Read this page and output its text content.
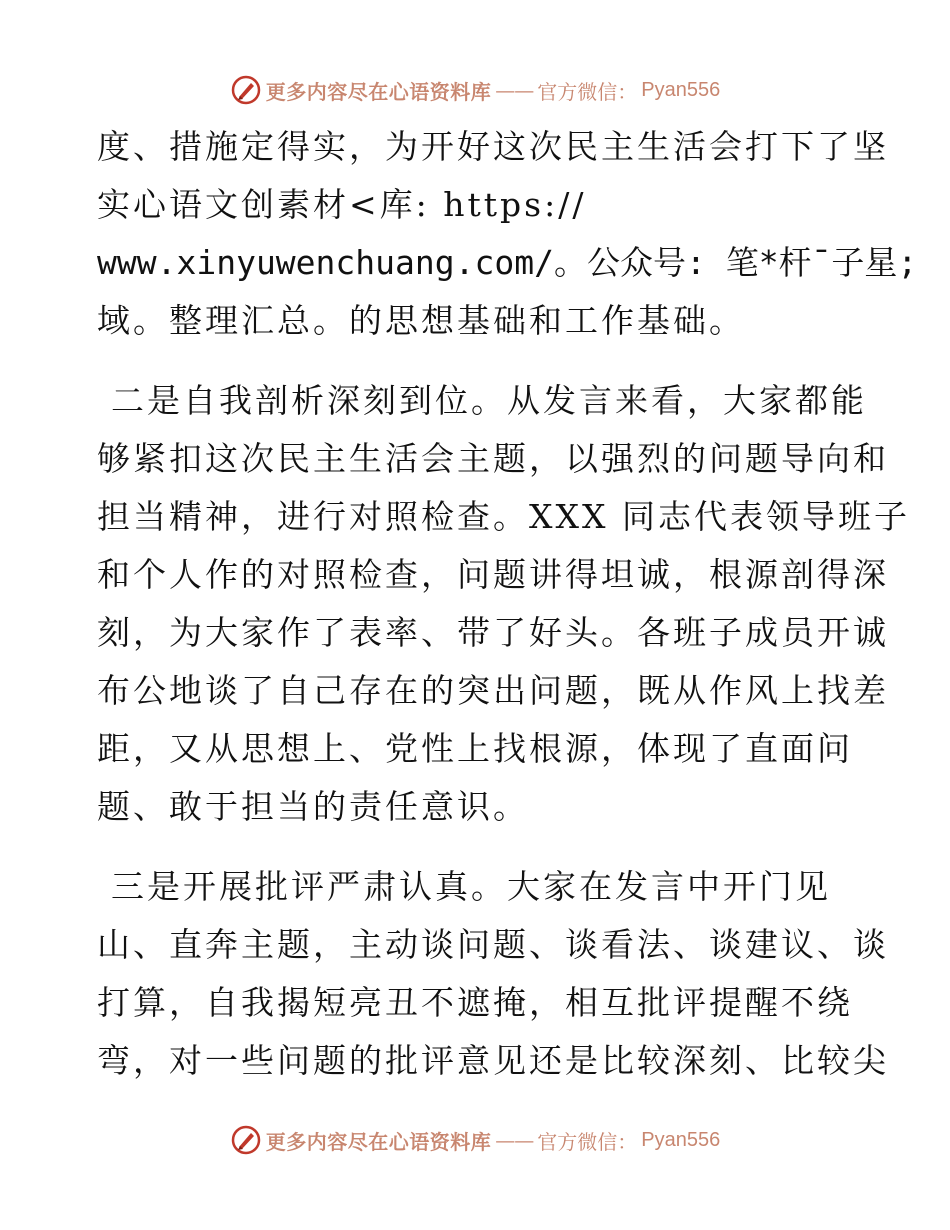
更多内容尽在心语资料库 —— 官方微信： Pyan556
度、措施定得实，为开好这次民主生活会打下了坚
实心语文创素材<库: https://
www.xinyuwenchuang.com/。公众号: 笔*杆¯子星;
域。整理汇总。的思想基础和工作基础。
二是自我剖析深刻到位。从发言来看，大家都能
够紧扣这次民主生活会主题，以强烈的问题导向和
担当精神，进行对照检查。XXX 同志代表领导班子
和个人作的对照检查，问题讲得坦诚，根源剖得深
刻，为大家作了表率、带了好头。各班子成员开诚
布公地谈了自己存在的突出问题，既从作风上找差
距，又从思想上、党性上找根源，体现了直面问
题、敢于担当的责任意识。
三是开展批评严肃认真。大家在发言中开门见
山、直奔主题，主动谈问题、谈看法、谈建议、谈
打算，自我揭短亮丑不遮掩，相互批评提醒不绕
弯，对一些问题的批评意见还是比较深刻、比较尖
更多内容尽在心语资料库 —— 官方微信： Pyan556
